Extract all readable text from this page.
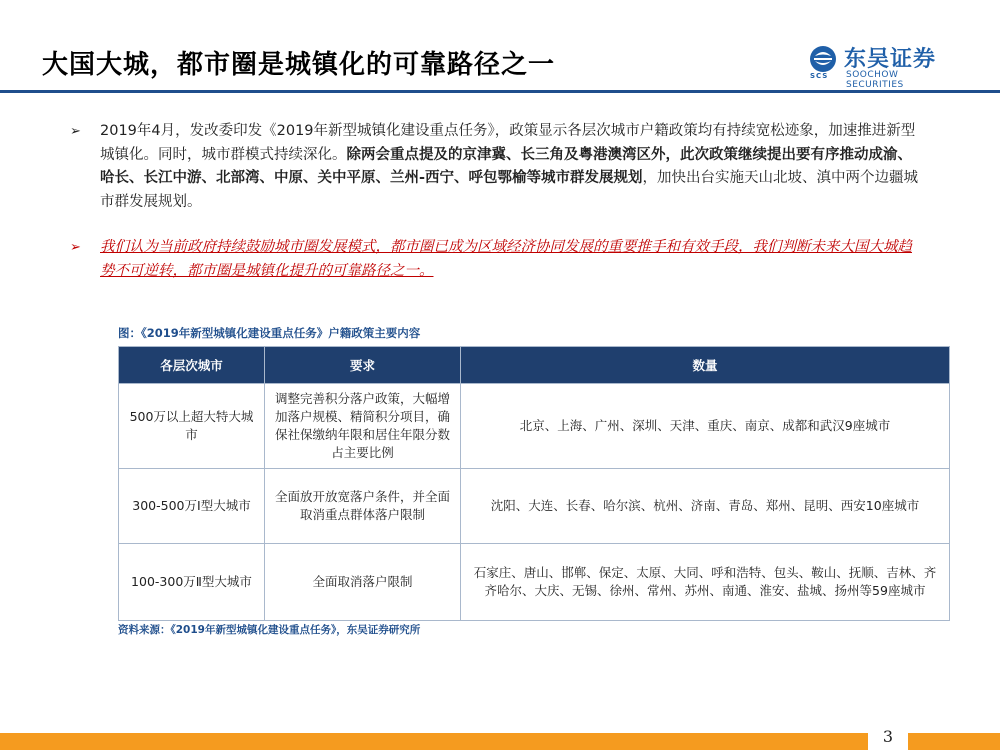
大国大城，都市圈是城镇化的可靠路径之一	SCS
东吴证券
SOOCHOW SECURITIES
➢ 2019年4月，发改委印发《2019年新型城镇化建设重点任务》，政策显示各层次城市户籍政策均有持续宽松迹象，加速推进新型城镇化。同时，城市群模式持续深化。除两会重点提及的京津冀、长三角及粤港澳湾区外，此次政策继续提出要有序推动成渝、哈长、长江中游、北部湾、中原、关中平原、兰州-西宁、呼包鄂榆等城市群发展规划，加快出台实施天山北坡、滇中两个边疆城市群发展规划。
➢ 我们认为当前政府持续鼓励城市圈发展模式，都市圈已成为区域经济协同发展的重要推手和有效手段，我们判断未来大国大城趋势不可逆转，都市圈是城镇化提升的可靠路径之一。
图：《2019年新型城镇化建设重点任务》户籍政策主要内容
各层次城市	要求	数量
500万以上超大特大城市	调整完善积分落户政策，大幅增加落户规模、精简积分项目，确保社保缴纳年限和居住年限分数占主要比例	北京、上海、广州、深圳、天津、重庆、南京、成都和武汉9座城市
300-500万Ⅰ型大城市	全面放开放宽落户条件，并全面取消重点群体落户限制	沈阳、大连、长春、哈尔滨、杭州、济南、青岛、郑州、昆明、西安10座城市
100-300万Ⅱ型大城市	全面取消落户限制	石家庄、唐山、邯郸、保定、太原、大同、呼和浩特、包头、鞍山、抚顺、吉林、齐齐哈尔、大庆、无锡、徐州、常州、苏州、南通、淮安、盐城、扬州等59座城市
资料来源：《2019年新型城镇化建设重点任务》，东吴证券研究所
3
